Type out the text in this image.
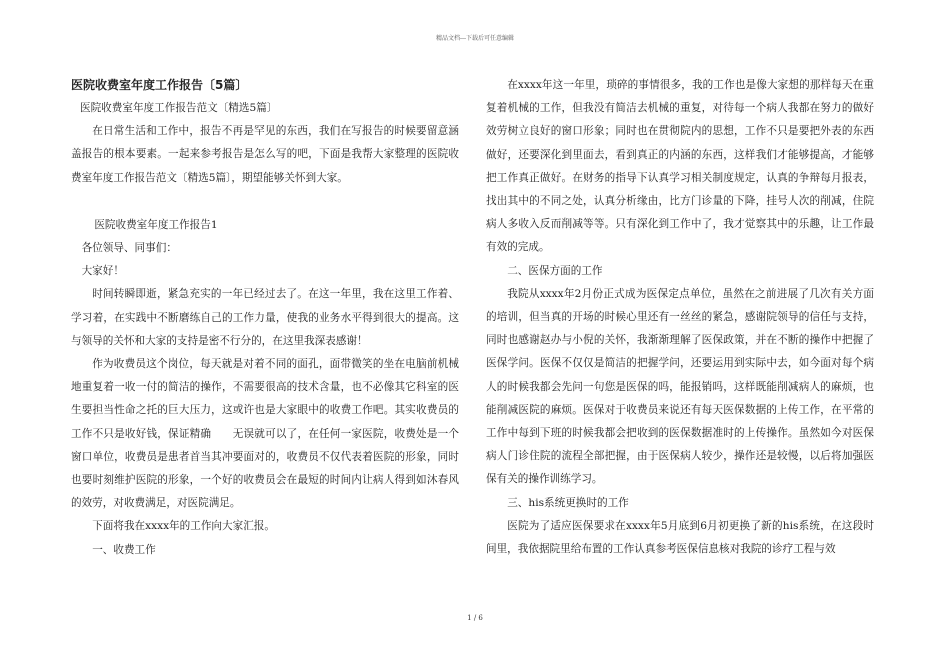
精品文档---下载后可任意编辑

医院收费室年度工作报告〔5篇〕

医院收费室年度工作报告范文〔精选5篇〕

在日常生活和工作中，报告不再是罕见的东西，我们在写报告的时候要留意涵盖报告的根本要素。一起来参考报告是怎么写的吧，下面是我帮大家整理的医院收费室年度工作报告范文〔精选5篇〕，期望能够关怀到大家。

医院收费室年度工作报告1

各位领导、同事们：

大家好！

时间转瞬即逝，紧急充实的一年已经过去了。在这一年里，我在这里工作着、学习着，在实践中不断磨练自己的工作力量，使我的业务水平得到很大的提高。这与领导的关怀和大家的支持是密不行分的，在这里我深表感谢！

作为收费员这个岗位，每天就是对着不同的面孔，面带微笑的坐在电脑前机械地重复着一收一付的简洁的操作，不需要很高的技术含量，也不必像其它科室的医生要担当性命之托的巨大压力，这或许也是大家眼中的收费工作吧。其实收费员的工作不只是收好钱，保证精确　　无误就可以了，在任何一家医院，收费处是一个窗口单位，收费员是患者首当其冲要面对的，收费员不仅代表着医院的形象，同时也要时刻维护医院的形象，一个好的收费员会在最短的时间内让病人得到如沐春风的效劳，对收费满足，对医院满足。

下面将我在xxxx年的工作向大家汇报。

一、收费工作

在xxxx年这一年里，琐碎的事情很多，我的工作也是像大家想的那样每天在重复着机械的工作，但我没有简洁去机械的重复，对待每一个病人我都在努力的做好效劳树立良好的窗口形象；同时也在贯彻院内的思想，工作不只是要把外表的东西做好，还要深化到里面去，看到真正的内涵的东西，这样我们才能够提高，才能够把工作真正做好。在财务的指导下认真学习相关制度规定，认真的争辩每月报表，找出其中的不同之处，认真分析缘由，比方门诊量的下降，挂号人次的削减，住院病人多收入反而削减等等。只有深化到工作中了，我才觉察其中的乐趣，让工作最有效的完成。

二、医保方面的工作

我院从xxxx年2月份正式成为医保定点单位，虽然在之前进展了几次有关方面的培训，但当真的开场的时候心里还有一丝丝的紧急，感谢院领导的信任与支持，同时也感谢赵办与小倪的关怀，我渐渐理解了医保政策，并在不断的操作中把握了医保学问。医保不仅仅是简洁的把握学问，还要运用到实际中去，如今面对每个病人的时候我都会先问一句您是医保的吗，能报销吗，这样既能削减病人的麻烦，也能削减医院的麻烦。医保对于收费员来说还有每天医保数据的上传工作，在平常的工作中每到下班的时候我都会把收到的医保数据准时的上传操作。虽然如今对医保病人门诊住院的流程全部把握，由于医保病人较少，操作还是较慢，以后将加强医保有关的操作训练学习。

三、his系统更换时的工作

医院为了适应医保要求在xxxx年5月底到6月初更换了新的his系统，在这段时间里，我依据院里给布置的工作认真参考医保信息核对我院的诊疗工程与效

1 / 6
